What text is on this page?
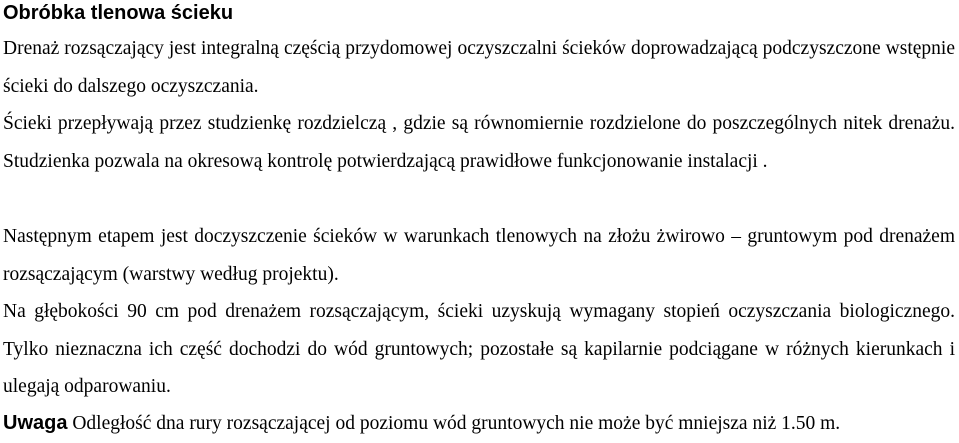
Obróbka tlenowa ścieku

Drenaż rozsączający jest integralną częścią przydomowej oczyszczalni ścieków doprowadzającą podczyszczone wstępnie ścieki do dalszego oczyszczania.

Ścieki przepływają przez studzienkę rozdzielczą , gdzie są równomiernie rozdzielone do poszczególnych nitek drenażu. Studzienka pozwala na okresową kontrolę potwierdzającą prawidłowe funkcjonowanie instalacji .

Następnym etapem jest doczyszczenie ścieków w warunkach tlenowych na złożu żwirowo – gruntowym pod drenażem rozsączającym (warstwy według projektu).

Na głębokości 90 cm pod drenażem rozsączającym, ścieki uzyskują wymagany stopień oczyszczania biologicznego. Tylko nieznaczna ich część dochodzi do wód gruntowych; pozostałe są kapilarnie podciągane w różnych kierunkach i ulegają odparowaniu.

Uwaga Odległość dna rury rozsączającej od poziomu wód gruntowych nie może być mniejsza niż 1.50 m.
